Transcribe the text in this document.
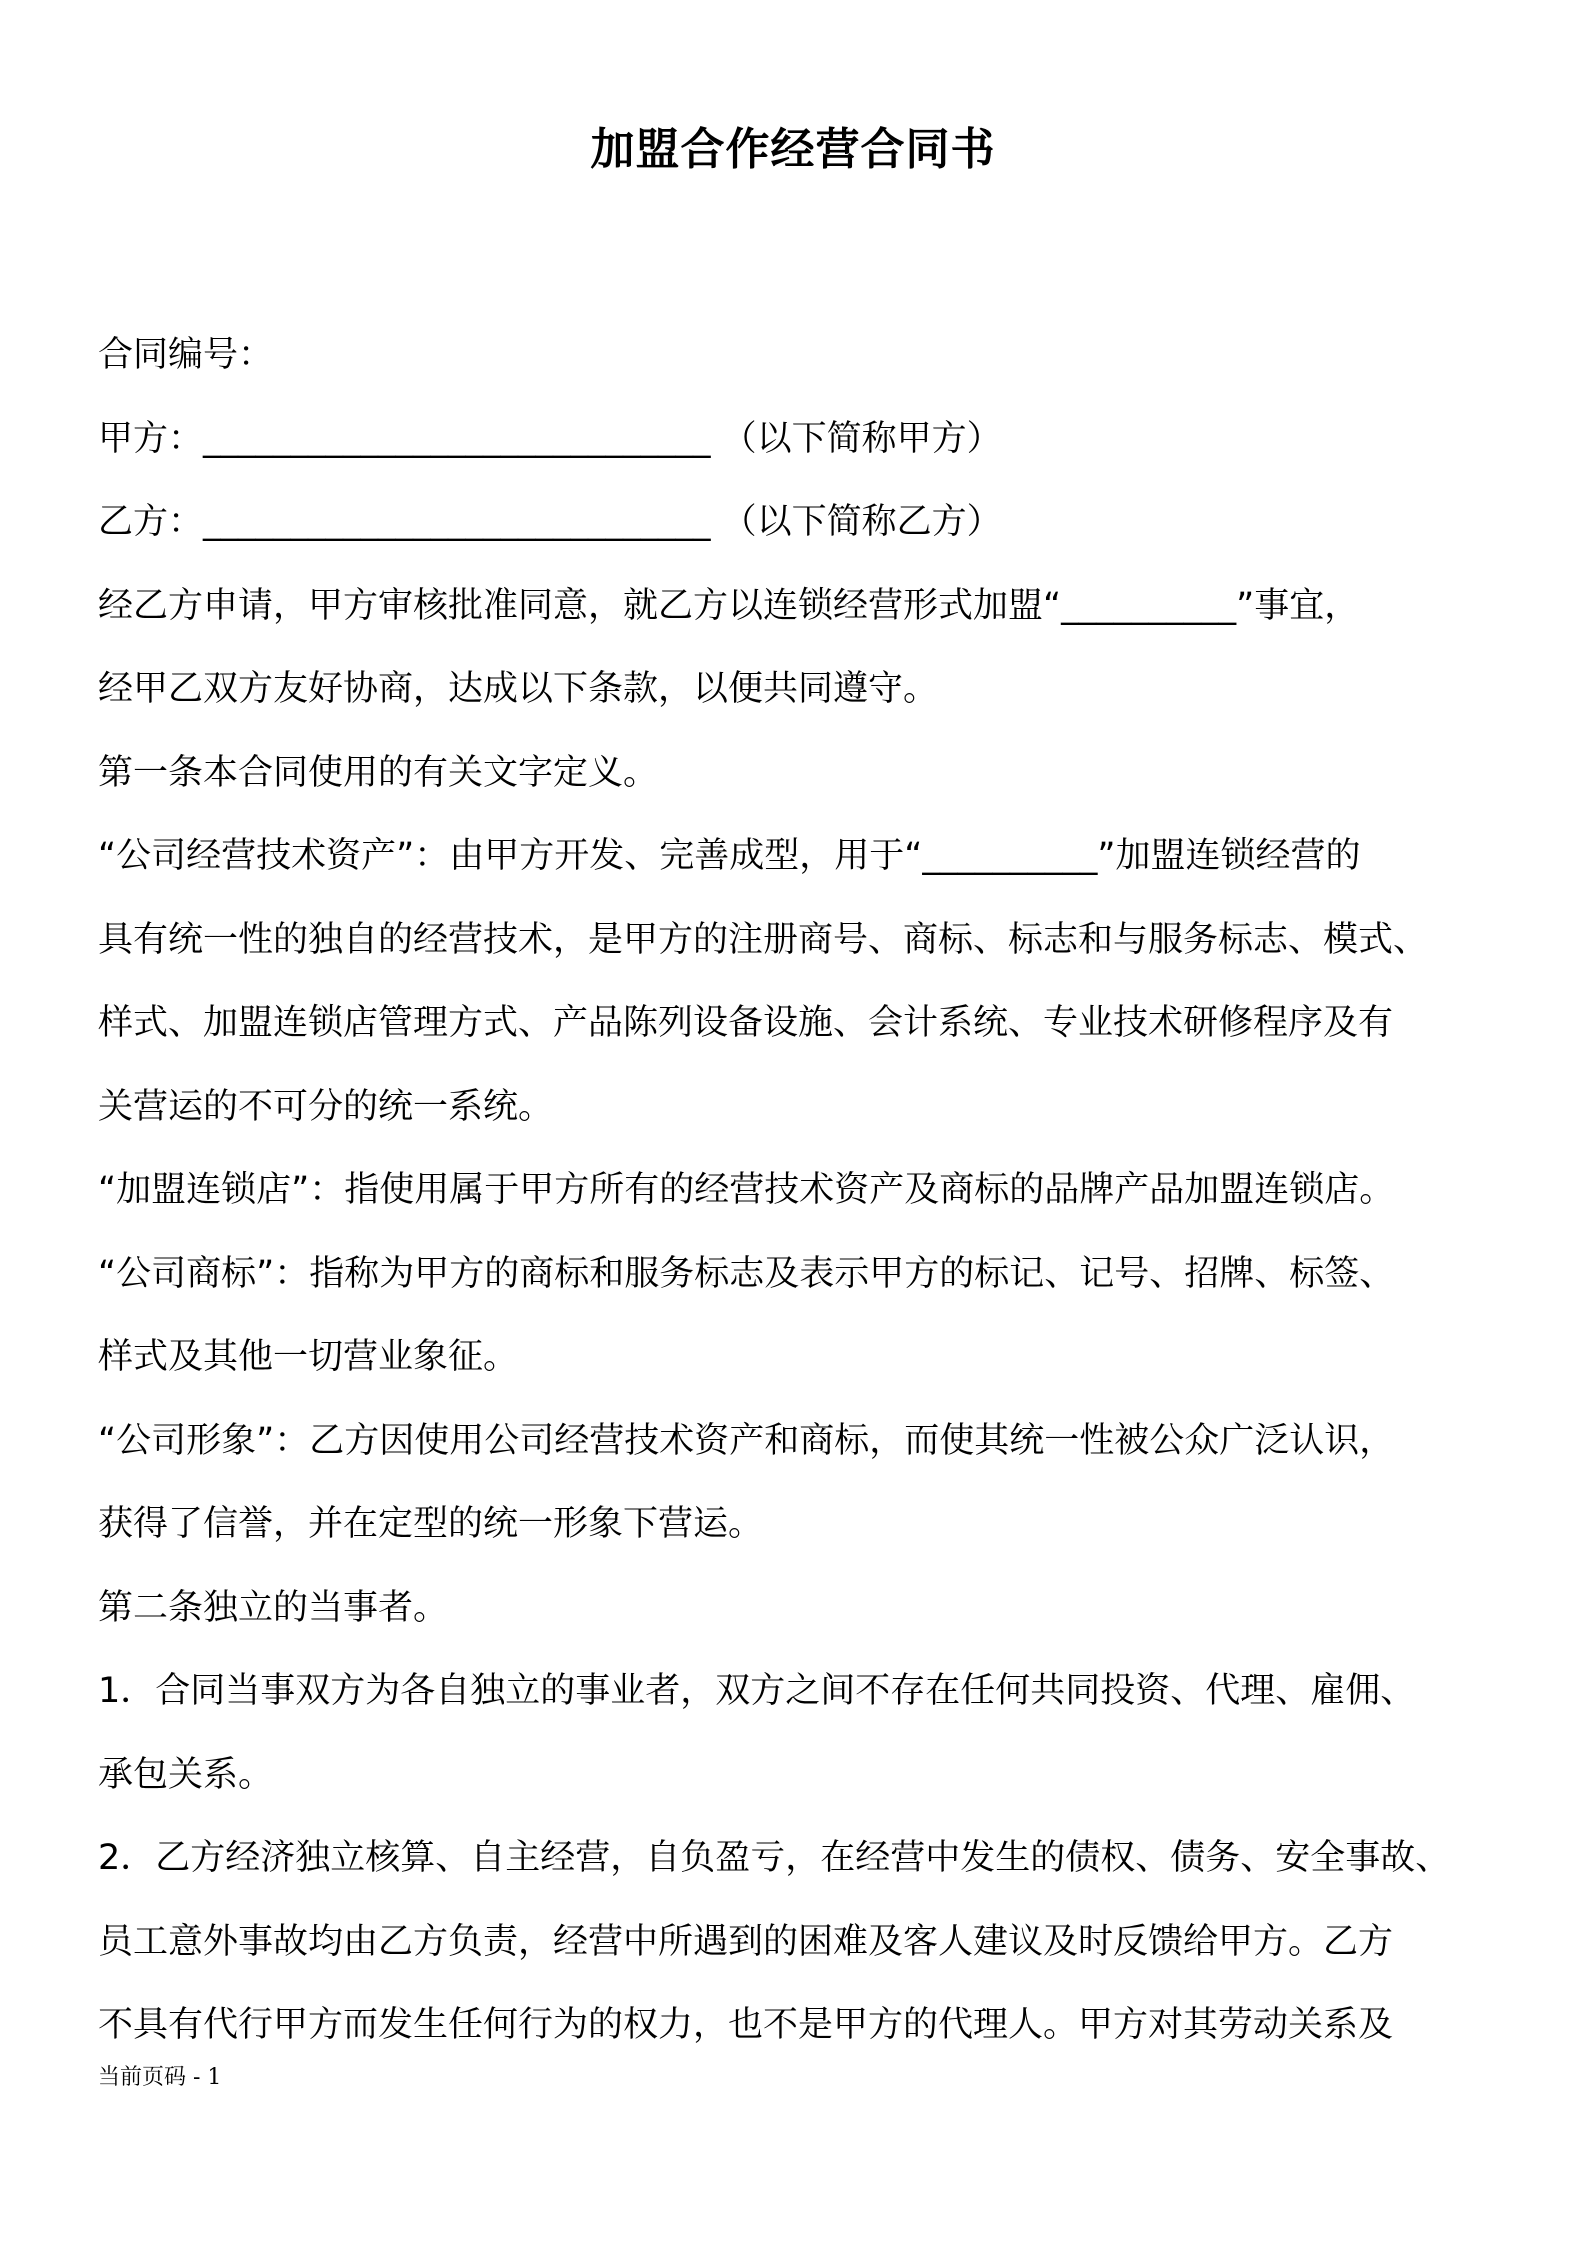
加盟合作经营合同书
合同编号：
甲方：_____________________________ （以下简称甲方）
乙方：_____________________________ （以下简称乙方）
经乙方申请，甲方审核批准同意，就乙方以连锁经营形式加盟“__________”事宜，
经甲乙双方友好协商，达成以下条款，以便共同遵守。
第一条本合同使用的有关文字定义。
“公司经营技术资产”：由甲方开发、完善成型，用于“__________”加盟连锁经营的
具有统一性的独自的经营技术，是甲方的注册商号、商标、标志和与服务标志、模式、
样式、加盟连锁店管理方式、产品陈列设备设施、会计系统、专业技术研修程序及有
关营运的不可分的统一系统。
“加盟连锁店”：指使用属于甲方所有的经营技术资产及商标的品牌产品加盟连锁店。
“公司商标”：指称为甲方的商标和服务标志及表示甲方的标记、记号、招牌、标签、
样式及其他一切营业象征。
“公司形象”：乙方因使用公司经营技术资产和商标，而使其统一性被公众广泛认识，
获得了信誉，并在定型的统一形象下营运。
第二条独立的当事者。
1．合同当事双方为各自独立的事业者，双方之间不存在任何共同投资、代理、雇佣、
承包关系。
2．乙方经济独立核算、自主经营，自负盈亏，在经营中发生的债权、债务、安全事故、
员工意外事故均由乙方负责，经营中所遇到的困难及客人建议及时反馈给甲方。乙方
不具有代行甲方而发生任何行为的权力，也不是甲方的代理人。甲方对其劳动关系及
当前页码 - 1
